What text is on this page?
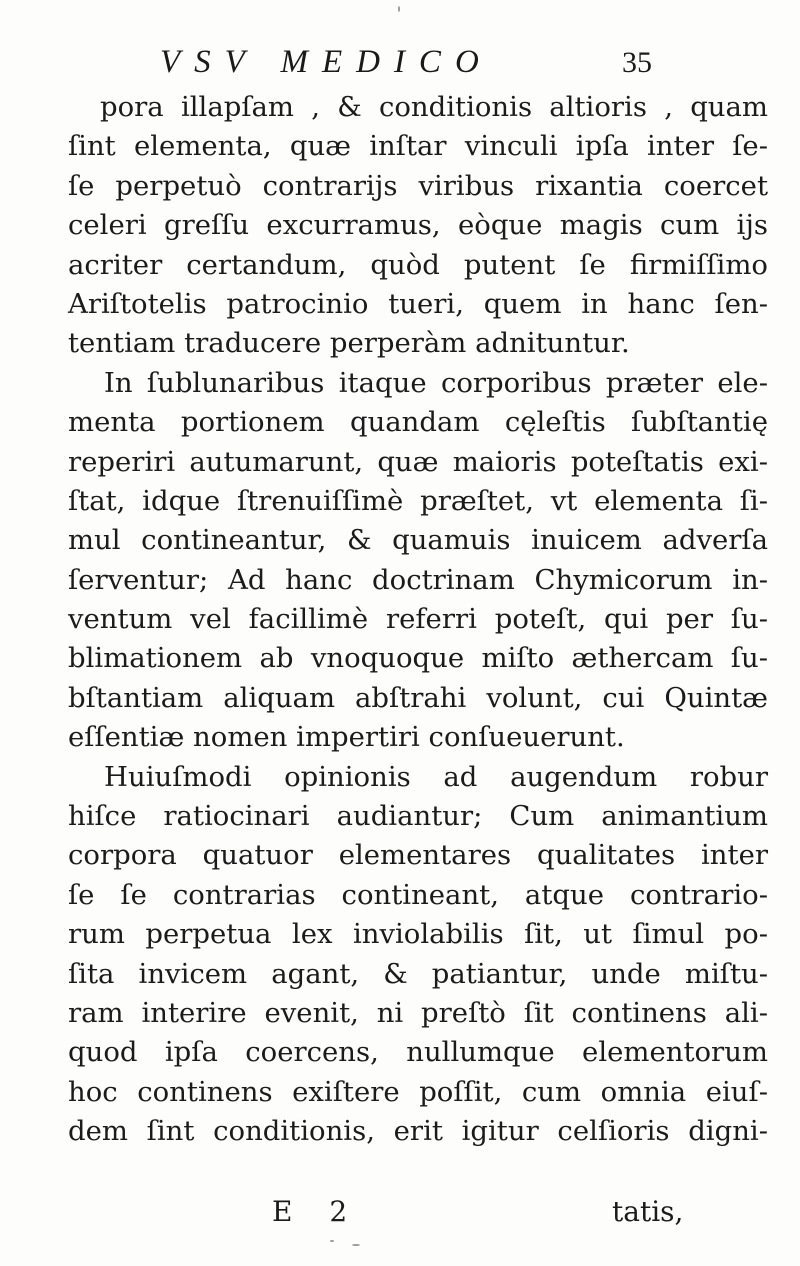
VSV MEDICO	35
pora illapſam , & conditionis altioris , quam
ſint elementa, quæ inſtar vinculi ipſa inter ſe-
ſe perpetuò contrarijs viribus rixantia coercet
celeri greſſu excurramus, eòque magis cum ijs
acriter certandum, quòd putent ſe firmiſſimo
Ariſtotelis patrocinio tueri, quem in hanc ſen-
tentiam traducere perperàm adnituntur.
In ſublunaribus itaque corporibus præter ele-
menta portionem quandam cęleſtis ſubſtantię
reperiri autumarunt, quæ maioris poteſtatis exi-
ſtat, idque ſtrenuiſſimè præſtet, vt elementa ſi-
mul contineantur, & quamuis inuicem adverſa
ſerventur; Ad hanc doctrinam Chymicorum in-
ventum vel facillimè referri poteſt, qui per ſu-
blimationem ab vnoquoque miſto æthercam ſu-
bſtantiam aliquam abſtrahi volunt, cui Quintæ
eſſentiæ nomen impertiri conſueuerunt.
Huiuſmodi opinionis ad augendum robur
hiſce ratiocinari audiantur; Cum animantium
corpora quatuor elementares qualitates inter
ſe ſe contrarias contineant, atque contrario-
rum perpetua lex inviolabilis ſit, ut ſimul po-
ſita invicem agant, & patiantur, unde miſtu-
ram interire evenit, ni preſtò ſit continens ali-
quod ipſa coercens, nullumque elementorum
hoc continens exiſtere poſſit, cum omnia eiuſ-
dem ſint conditionis, erit igitur celſioris digni-
E 2	tatis,
